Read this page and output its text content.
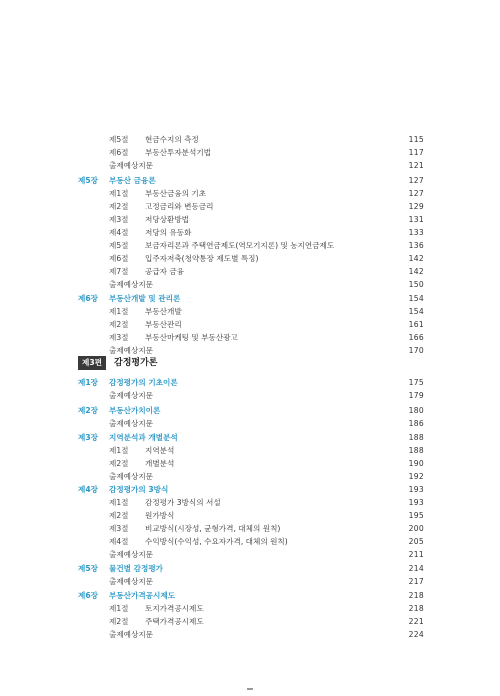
제5절 현금수지의 측정	115
제6절 부동산투자분석기법	117
출제예상지문	121
제5장 부동산 금융론	127
제1절 부동산금융의 기초	127
제2절 고정금리와 변동금리	129
제3절 저당상환방법	131
제4절 저당의 유동화	133
제5절 보금자리론과 주택연금제도(역모기지론) 및 농지연금제도	136
제6절 입주자저축(청약통장 제도별 특징)	142
제7절 공급자 금융	142
출제예상지문	150
제6장 부동산개발 및 관리론	154
제1절 부동산개발	154
제2절 부동산관리	161
제3절 부동산마케팅 및 부동산광고	166
출제예상지문	170
제1장 감정평가의 기초이론	175
출제예상지문	179
제2장 부동산가치이론	180
출제예상지문	186
제3장 지역분석과 개별분석	188
제1절 지역분석	188
제2절 개별분석	190
출제예상지문	192
제4장 감정평가의 3방식	193
제1절 감정평가 3방식의 서설	193
제2절 원가방식	195
제3절 비교방식(시장성, 균형가격, 대체의 원칙)	200
제4절 수익방식(수익성, 수요자가격, 대체의 원칙)	205
출제예상지문	211
제5장 물건별 감정평가	214
출제예상지문	217
제6장 부동산가격공시제도	218
제1절 토지가격공시제도	218
제2절 주택가격공시제도	221
출제예상지문	224
제3편	감정평가론
